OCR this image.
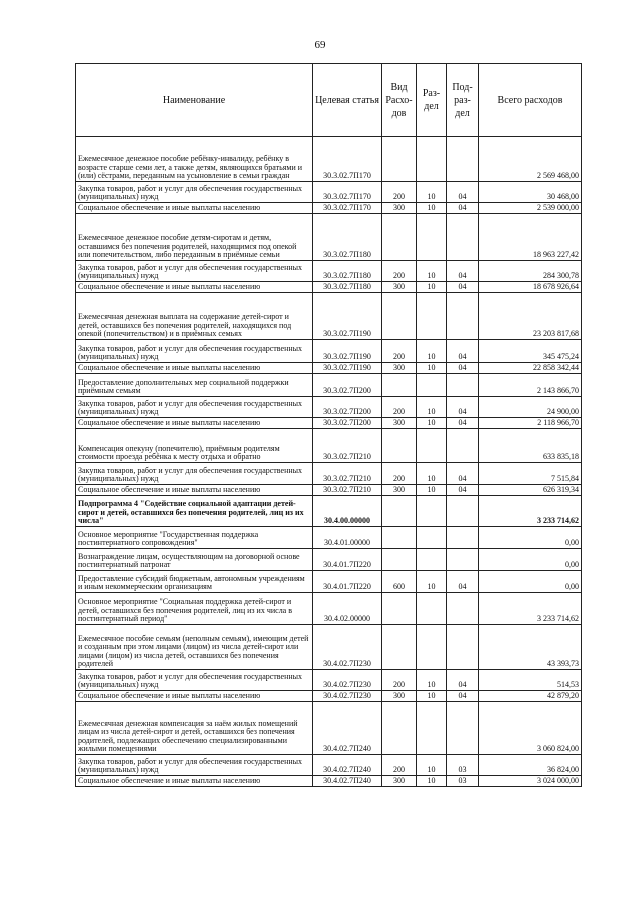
69
Наименование	Целевая статья	Вид Расхо-дов	Раз-дел	Под-раз-дел	Всего расходов
Ежемесячное денежное пособие ребёнку-инвалиду, ребёнку в возрасте старше семи лет, а также детям, являющихся братьями и (или) сёстрами, переданным на усыновление в семьи граждан	30.3.02.7П170				2 569 468,00
Закупка товаров, работ и услуг для обеспечения государственных (муниципальных) нужд	30.3.02.7П170	200	10	04	30 468,00
Социальное обеспечение и иные выплаты населению	30.3.02.7П170	300	10	04	2 539 000,00
Ежемесячное денежное пособие детям-сиротам и детям, оставшимся без попечения родителей, находящимся под опекой или попечительством, либо переданным в приёмные семьи	30.3.02.7П180				18 963 227,42
Закупка товаров, работ и услуг для обеспечения государственных (муниципальных) нужд	30.3.02.7П180	200	10	04	284 300,78
Социальное обеспечение и иные выплаты населению	30.3.02.7П180	300	10	04	18 678 926,64
Ежемесячная денежная выплата на содержание детей-сирот и детей, оставшихся без попечения родителей, находящихся под опекой (попечительством) и в приёмных семьях	30.3.02.7П190				23 203 817,68
Закупка товаров, работ и услуг для обеспечения государственных (муниципальных) нужд	30.3.02.7П190	200	10	04	345 475,24
Социальное обеспечение и иные выплаты населению	30.3.02.7П190	300	10	04	22 858 342,44
Предоставление дополнительных мер социальной поддержки приёмным семьям	30.3.02.7П200				2 143 866,70
Закупка товаров, работ и услуг для обеспечения государственных (муниципальных) нужд	30.3.02.7П200	200	10	04	24 900,00
Социальное обеспечение и иные выплаты населению	30.3.02.7П200	300	10	04	2 118 966,70
Компенсация опекуну (попечителю), приёмным родителям стоимости проезда ребёнка к месту отдыха и обратно	30.3.02.7П210				633 835,18
Закупка товаров, работ и услуг для обеспечения государственных (муниципальных) нужд	30.3.02.7П210	200	10	04	7 515,84
Социальное обеспечение и иные выплаты населению	30.3.02.7П210	300	10	04	626 319,34
Подпрограмма 4 "Содействие социальной адаптации детей-сирот и детей, оставшихся без попечения родителей, лиц из их числа"	30.4.00.00000				3 233 714,62
Основное мероприятие "Государственная поддержка постинтернатного сопровождения"	30.4.01.00000				0,00
Вознаграждение лицам, осуществляющим на договорной основе постинтернатный патронат	30.4.01.7П220				0,00
Предоставление субсидий бюджетным, автономным учреждениям и иным некоммерческим организациям	30.4.01.7П220	600	10	04	0,00
Основное мероприятие "Социальная поддержка детей-сирот и детей, оставшихся без попечения родителей, лиц из их числа в постинтернатный период"	30.4.02.00000				3 233 714,62
Ежемесячное пособие семьям (неполным семьям), имеющим детей и созданным при этом лицами (лицом) из числа детей-сирот или лицами (лицом) из числа детей, оставшихся без попечения родителей	30.4.02.7П230				43 393,73
Закупка товаров, работ и услуг для обеспечения государственных (муниципальных) нужд	30.4.02.7П230	200	10	04	514,53
Социальное обеспечение и иные выплаты населению	30.4.02.7П230	300	10	04	42 879,20
Ежемесячная денежная компенсация за наём жилых помещений лицам из числа детей-сирот и детей, оставшихся без попечения родителей, подлежащих обеспечению специализированными жилыми помещениями	30.4.02.7П240				3 060 824,00
Закупка товаров, работ и услуг для обеспечения государственных (муниципальных) нужд	30.4.02.7П240	200	10	03	36 824,00
Социальное обеспечение и иные выплаты населению	30.4.02.7П240	300	10	03	3 024 000,00
